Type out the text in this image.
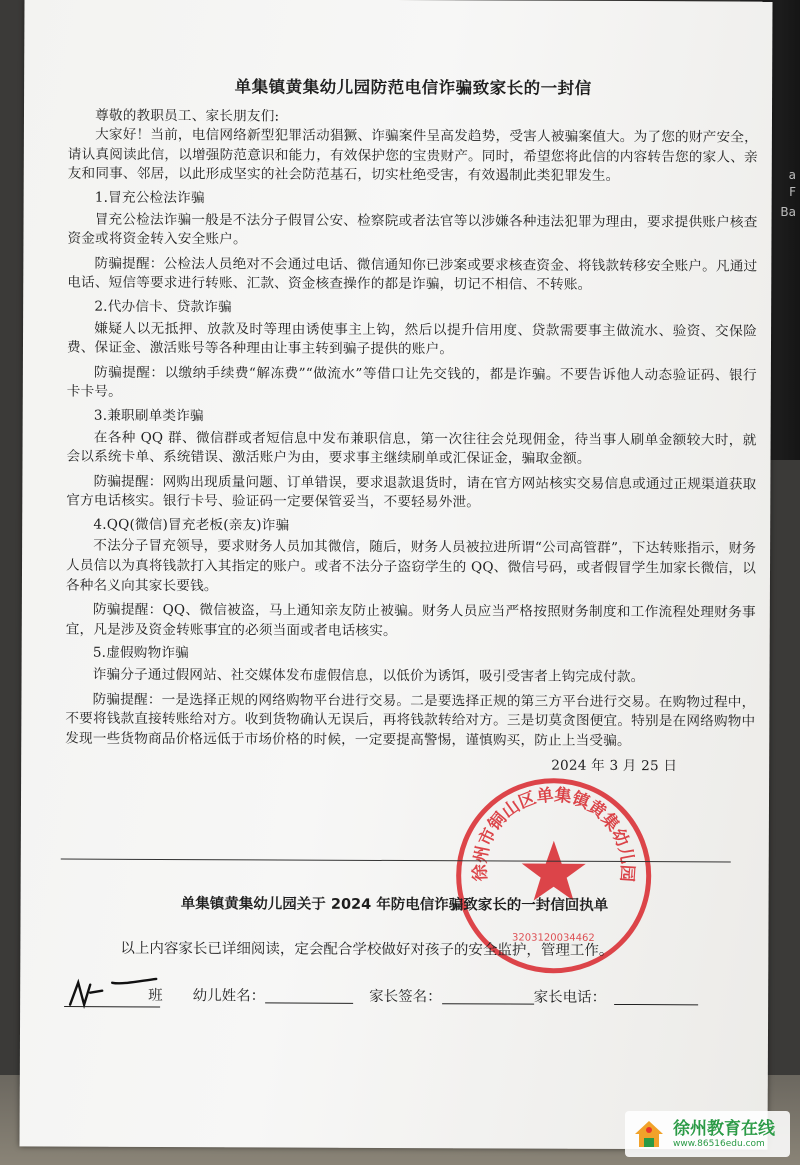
F
a
Ba
单集镇黄集幼儿园防范电信诈骗致家长的一封信

尊敬的教职员工、家长朋友们:

大家好！当前，电信网络新型犯罪活动猖獗、诈骗案件呈高发趋势，受害人被骗案值大。为了您的财产安全，请认真阅读此信，以增强防范意识和能力，有效保护您的宝贵财产。同时，希望您将此信的内容转告您的家人、亲友和同事、邻居，以此形成坚实的社会防范基石，切实杜绝受害，有效遏制此类犯罪发生。

1.冒充公检法诈骗

冒充公检法诈骗一般是不法分子假冒公安、检察院或者法官等以涉嫌各种违法犯罪为理由，要求提供账户核查资金或将资金转入安全账户。

防骗提醒：公检法人员绝对不会通过电话、微信通知你已涉案或要求核查资金、将钱款转移安全账户。凡通过电话、短信等要求进行转账、汇款、资金核查操作的都是诈骗，切记不相信、不转账。

2.代办信卡、贷款诈骗

嫌疑人以无抵押、放款及时等理由诱使事主上钩，然后以提升信用度、贷款需要事主做流水、验资、交保险费、保证金、激活账号等各种理由让事主转到骗子提供的账户。

防骗提醒：以缴纳手续费“解冻费”“做流水”等借口让先交钱的，都是诈骗。不要告诉他人动态验证码、银行卡卡号。

3.兼职刷单类诈骗

在各种 QQ 群、微信群或者短信息中发布兼职信息，第一次往往会兑现佣金，待当事人刷单金额较大时，就会以系统卡单、系统错误、激活账户为由，要求事主继续刷单或汇保证金，骗取金额。

防骗提醒：网购出现质量问题、订单错误，要求退款退货时，请在官方网站核实交易信息或通过正规渠道获取官方电话核实。银行卡号、验证码一定要保管妥当，不要轻易外泄。

4.QQ(微信)冒充老板(亲友)诈骗

不法分子冒充领导，要求财务人员加其微信，随后，财务人员被拉进所谓“公司高管群”，下达转账指示，财务人员信以为真将钱款打入其指定的账户。或者不法分子盗窃学生的 QQ、微信号码，或者假冒学生加家长微信，以各种名义向其家长要钱。

防骗提醒：QQ、微信被盗，马上通知亲友防止被骗。财务人员应当严格按照财务制度和工作流程处理财务事宜，凡是涉及资金转账事宜的必须当面或者电话核实。

5.虚假购物诈骗

诈骗分子通过假网站、社交媒体发布虚假信息，以低价为诱饵，吸引受害者上钩完成付款。

防骗提醒：一是选择正规的网络购物平台进行交易。二是要选择正规的第三方平台进行交易。在购物过程中，不要将钱款直接转账给对方。收到货物确认无误后，再将钱款转给对方。三是切莫贪图便宜。特别是在网络购物中发现一些货物商品价格远低于市场价格的时候，一定要提高警惕，谨慎购买，防止上当受骗。

2024 年 3 月 25 日

徐州市铜山区单集镇黄集幼儿园
3203120034462
单集镇黄集幼儿园关于 2024 年防电信诈骗致家长的一封信回执单
以上内容家长已详细阅读，定会配合学校做好对孩子的安全监护，管理工作。
班 幼儿姓名：	家长签名：	家长电话：
徐州教育在线
www.86516edu.com
